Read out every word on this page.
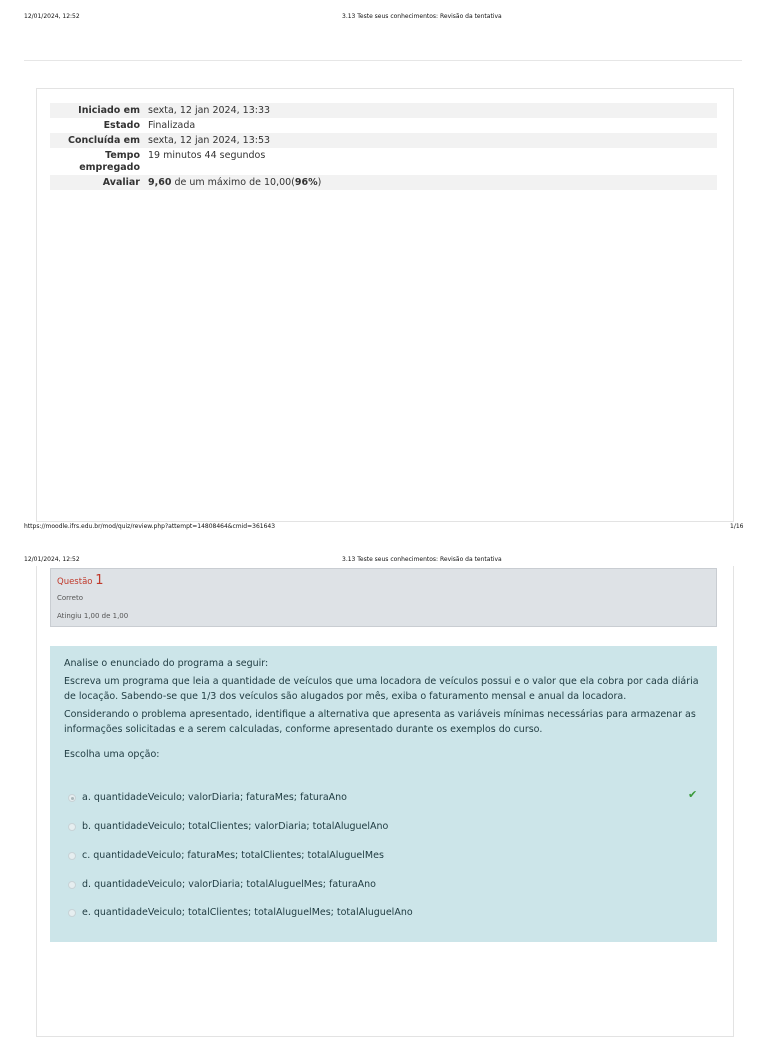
12/01/2024, 12:52	3.13 Teste seus conhecimentos: Revisão da tentativa
Iniciado em sexta, 12 jan 2024, 13:33
Estado Finalizada
Concluída em sexta, 12 jan 2024, 13:53
Tempo
empregado
19 minutos 44 segundos
Avaliar 9,60 de um máximo de 10,00(96%)
https://moodle.ifrs.edu.br/mod/quiz/review.php?attempt=14808464&cmid=361643	1/16
12/01/2024, 12:52	3.13 Teste seus conhecimentos: Revisão da tentativa
Questão 1
Correto
Atingiu 1,00 de 1,00

Analise o enunciado do programa a seguir:

Escreva um programa que leia a quantidade de veículos que uma locadora de veículos possui e o valor que ela cobra por cada diária de locação. Sabendo-se que 1/3 dos veículos são alugados por mês, exiba o faturamento mensal e anual da locadora.

Considerando o problema apresentado, identifique a alternativa que apresenta as variáveis mínimas necessárias para armazenar as informações solicitadas e a serem calculadas, conforme apresentado durante os exemplos do curso.

Escolha uma opção:

a. quantidadeVeiculo; valorDiaria; faturaMes; faturaAno	✔
b. quantidadeVeiculo; totalClientes; valorDiaria; totalAluguelAno
c. quantidadeVeiculo; faturaMes; totalClientes; totalAluguelMes
d. quantidadeVeiculo; valorDiaria; totalAluguelMes; faturaAno
e. quantidadeVeiculo; totalClientes; totalAluguelMes; totalAluguelAno
